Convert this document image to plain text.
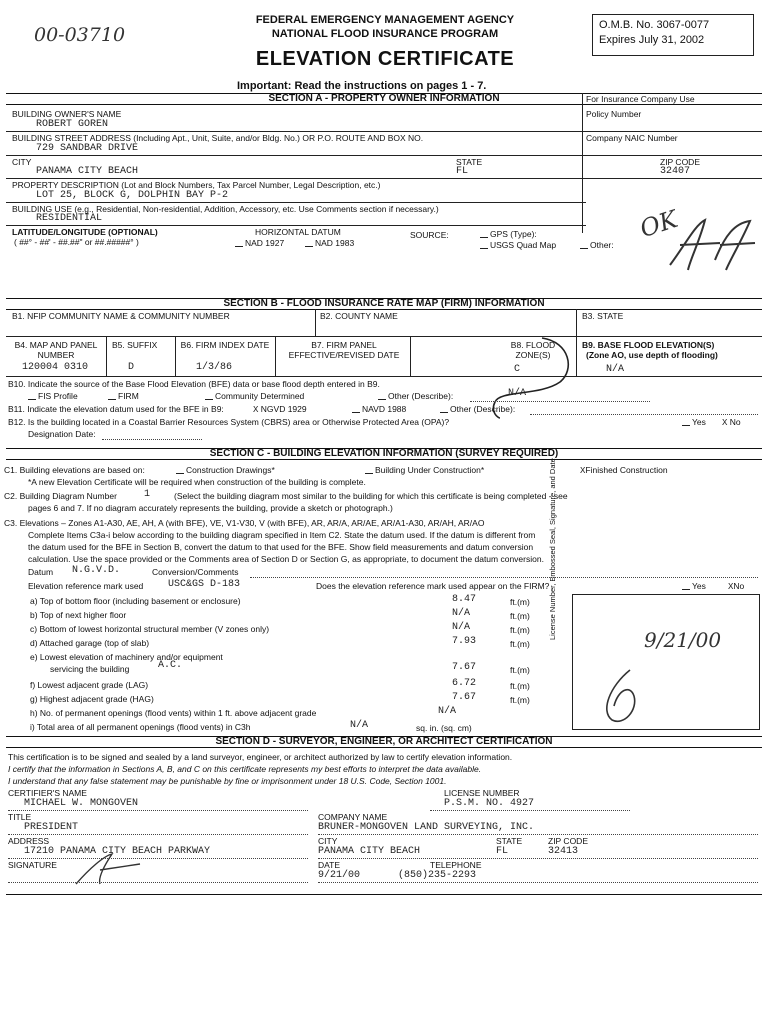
00-03710
FEDERAL EMERGENCY MANAGEMENT AGENCY
NATIONAL FLOOD INSURANCE PROGRAM
ELEVATION CERTIFICATE
O.M.B. No. 3067-0077
Expires July 31, 2002
Important: Read the instructions on pages 1 - 7.
SECTION A - PROPERTY OWNER INFORMATION	For Insurance Company Use
BUILDING OWNER'S NAME
ROBERT GOREN
Policy Number
BUILDING STREET ADDRESS (Including Apt., Unit, Suite, and/or Bldg. No.) OR P.O. ROUTE AND BOX NO.
729 SANDBAR DRIVE
Company NAIC Number
CITY
PANAMA CITY BEACH
STATE
FL
ZIP CODE
32407
PROPERTY DESCRIPTION (Lot and Block Numbers, Tax Parcel Number, Legal Description, etc.)
LOT 25, BLOCK G, DOLPHIN BAY P-2
BUILDING USE (e.g., Residential, Non-residential, Addition, Accessory, etc. Use Comments section if necessary.)
RESIDENTIAL
LATITUDE/LONGITUDE (OPTIONAL)
( ##° - ##' - ##.##" or ##.#####° )
HORIZONTAL DATUM
NAD 1927	NAD 1983
SOURCE:	GPS (Type):
USGS Quad Map	Other:
OK
SECTION B - FLOOD INSURANCE RATE MAP (FIRM) INFORMATION
B1. NFIP COMMUNITY NAME & COMMUNITY NUMBER	B2. COUNTY NAME	B3. STATE
B4. MAP AND PANEL NUMBER
120004 0310
B5. SUFFIX
D
B6. FIRM INDEX DATE
1/3/86
B7. FIRM PANEL EFFECTIVE/REVISED DATE
B8. FLOOD ZONE(S)
C
B9. BASE FLOOD ELEVATION(S)
(Zone AO, use depth of flooding)
N/A
B10. Indicate the source of the Base Flood Elevation (BFE) data or base flood depth entered in B9.
FIS Profile	FIRM	Community Determined	Other (Describe):	N/A
B11. Indicate the elevation datum used for the BFE in B9:	X NGVD 1929	NAVD 1988	Other (Describe):
B12. Is the building located in a Coastal Barrier Resources System (CBRS) area or Otherwise Protected Area (OPA)?	Yes X No
Designation Date:
SECTION C - BUILDING ELEVATION INFORMATION (SURVEY REQUIRED)
C1. Building elevations are based on:	Construction Drawings*	Building Under Construction*	XFinished Construction
*A new Elevation Certificate will be required when construction of the building is complete.
C2. Building Diagram Number	1	(Select the building diagram most similar to the building for which this certificate is being completed - see
pages 6 and 7. If no diagram accurately represents the building, provide a sketch or photograph.)
C3. Elevations – Zones A1-A30, AE, AH, A (with BFE), VE, V1-V30, V (with BFE), AR, AR/A, AR/AE, AR/A1-A30, AR/AH, AR/AO
Complete Items C3a-i below according to the building diagram specified in Item C2. State the datum used. If the datum is different from
the datum used for the BFE in Section B, convert the datum to that used for the BFE. Show field measurements and datum conversion
calculation. Use the space provided or the Comments area of Section D or Section G, as appropriate, to document the datum conversion.
Datum N.G.V.D.	Conversion/Comments
Elevation reference mark used USC&GS D-183	Does the elevation reference mark used appear on the FIRM?	Yes XNo
a) Top of bottom floor (including basement or enclosure)	8.47	ft.(m)
b) Top of next higher floor	N/A	ft.(m)
c) Bottom of lowest horizontal structural member (V zones only)	N/A	ft.(m)
d) Attached garage (top of slab)	7.93	ft.(m)
e) Lowest elevation of machinery and/or equipment
servicing the building	A.C.	7.67	ft.(m)
f) Lowest adjacent grade (LAG)	6.72	ft.(m)
g) Highest adjacent grade (HAG)	7.67	ft.(m)
h) No. of permanent openings (flood vents) within 1 ft. above adjacent grade	N/A
i) Total area of all permanent openings (flood vents) in C3h	N/A	sq. in. (sq. cm)
License Number, Embossed Seal, Signature, and Date	9/21/00
SECTION D - SURVEYOR, ENGINEER, OR ARCHITECT CERTIFICATION
This certification is to be signed and sealed by a land surveyor, engineer, or architect authorized by law to certify elevation information.
I certify that the information in Sections A, B, and C on this certificate represents my best efforts to interpret the data available.
I understand that any false statement may be punishable by fine or imprisonment under 18 U.S. Code, Section 1001.
CERTIFIER'S NAME
MICHAEL W. MONGOVEN
LICENSE NUMBER
P.S.M. NO. 4927
TITLE
PRESIDENT
COMPANY NAME
BRUNER-MONGOVEN LAND SURVEYING, INC.
ADDRESS
17210 PANAMA CITY BEACH PARKWAY
CITY
PANAMA CITY BEACH
STATE
FL
ZIP CODE
32413
SIGNATURE	DATE
9/21/00
TELEPHONE
(850)235-2293
